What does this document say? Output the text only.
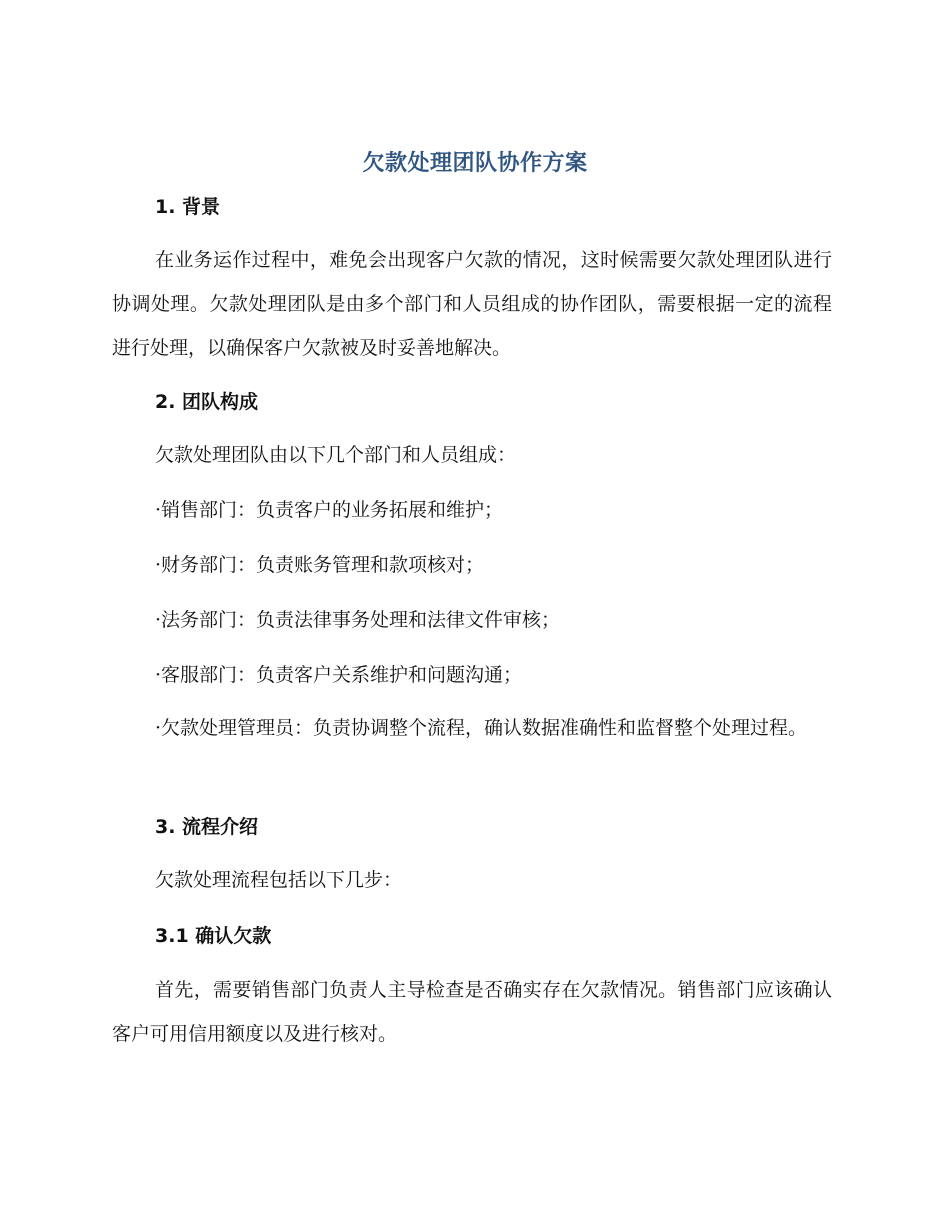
欠款处理团队协作方案
1. 背景
在业务运作过程中，难免会出现客户欠款的情况，这时候需要欠款处理团队进行协调处理。欠款处理团队是由多个部门和人员组成的协作团队，需要根据一定的流程进行处理，以确保客户欠款被及时妥善地解决。
2. 团队构成
欠款处理团队由以下几个部门和人员组成：
·销售部门：负责客户的业务拓展和维护；
·财务部门：负责账务管理和款项核对；
·法务部门：负责法律事务处理和法律文件审核；
·客服部门：负责客户关系维护和问题沟通；
·欠款处理管理员：负责协调整个流程，确认数据准确性和监督整个处理过程。
3. 流程介绍
欠款处理流程包括以下几步：
3.1 确认欠款
首先，需要销售部门负责人主导检查是否确实存在欠款情况。销售部门应该确认客户可用信用额度以及进行核对。
